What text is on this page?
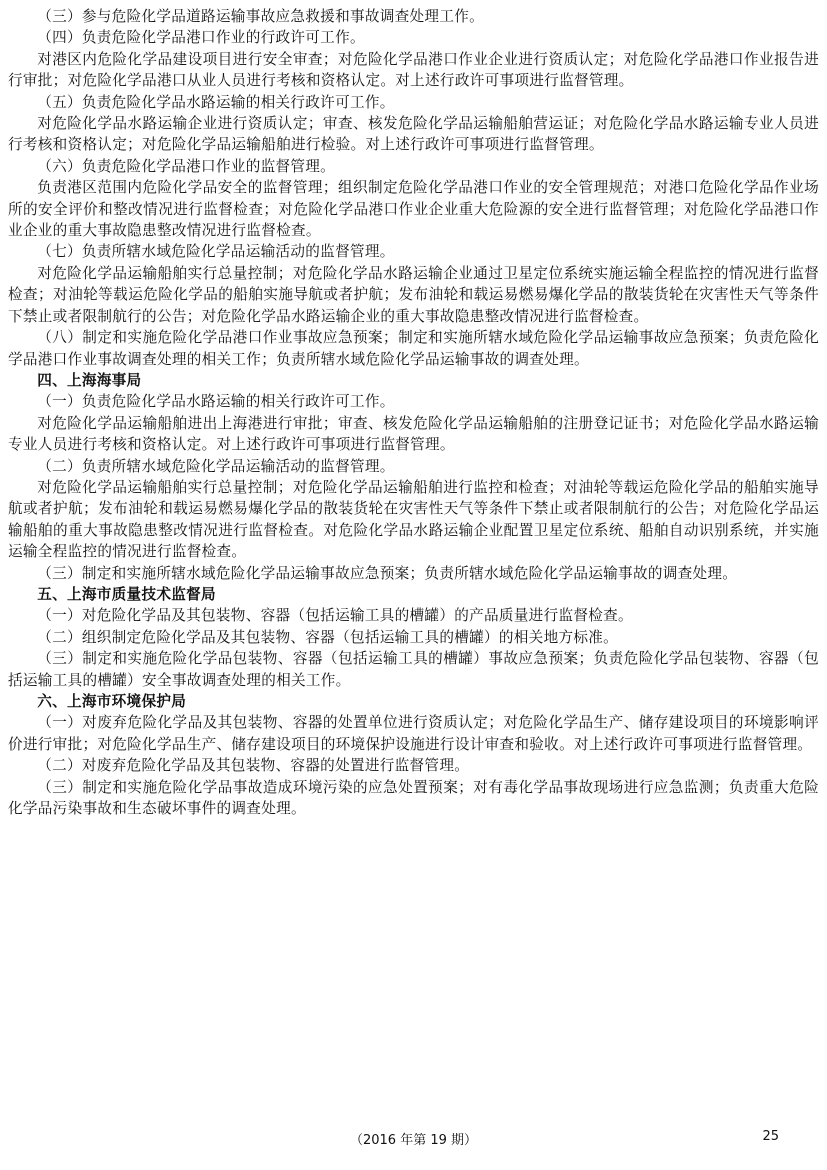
（三）参与危险化学品道路运输事故应急救援和事故调查处理工作。

（四）负责危险化学品港口作业的行政许可工作。

对港区内危险化学品建设项目进行安全审查；对危险化学品港口作业企业进行资质认定；对危险化学品港口作业报告进行审批；对危险化学品港口从业人员进行考核和资格认定。对上述行政许可事项进行监督管理。

（五）负责危险化学品水路运输的相关行政许可工作。

对危险化学品水路运输企业进行资质认定；审查、核发危险化学品运输船舶营运证；对危险化学品水路运输专业人员进行考核和资格认定；对危险化学品运输船舶进行检验。对上述行政许可事项进行监督管理。

（六）负责危险化学品港口作业的监督管理。

负责港区范围内危险化学品安全的监督管理；组织制定危险化学品港口作业的安全管理规范；对港口危险化学品作业场所的安全评价和整改情况进行监督检查；对危险化学品港口作业企业重大危险源的安全进行监督管理；对危险化学品港口作业企业的重大事故隐患整改情况进行监督检查。

（七）负责所辖水域危险化学品运输活动的监督管理。

对危险化学品运输船舶实行总量控制；对危险化学品水路运输企业通过卫星定位系统实施运输全程监控的情况进行监督检查；对油轮等载运危险化学品的船舶实施导航或者护航；发布油轮和载运易燃易爆化学品的散装货轮在灾害性天气等条件下禁止或者限制航行的公告；对危险化学品水路运输企业的重大事故隐患整改情况进行监督检查。

（八）制定和实施危险化学品港口作业事故应急预案；制定和实施所辖水域危险化学品运输事故应急预案；负责危险化学品港口作业事故调查处理的相关工作；负责所辖水域危险化学品运输事故的调查处理。

四、上海海事局

（一）负责危险化学品水路运输的相关行政许可工作。

对危险化学品运输船舶进出上海港进行审批；审查、核发危险化学品运输船舶的注册登记证书；对危险化学品水路运输专业人员进行考核和资格认定。对上述行政许可事项进行监督管理。

（二）负责所辖水域危险化学品运输活动的监督管理。

对危险化学品运输船舶实行总量控制；对危险化学品运输船舶进行监控和检查；对油轮等载运危险化学品的船舶实施导航或者护航；发布油轮和载运易燃易爆化学品的散装货轮在灾害性天气等条件下禁止或者限制航行的公告；对危险化学品运输船舶的重大事故隐患整改情况进行监督检查。对危险化学品水路运输企业配置卫星定位系统、船舶自动识别系统，并实施运输全程监控的情况进行监督检查。

（三）制定和实施所辖水域危险化学品运输事故应急预案；负责所辖水域危险化学品运输事故的调查处理。

五、上海市质量技术监督局

（一）对危险化学品及其包装物、容器（包括运输工具的槽罐）的产品质量进行监督检查。

（二）组织制定危险化学品及其包装物、容器（包括运输工具的槽罐）的相关地方标准。

（三）制定和实施危险化学品包装物、容器（包括运输工具的槽罐）事故应急预案；负责危险化学品包装物、容器（包括运输工具的槽罐）安全事故调查处理的相关工作。

六、上海市环境保护局

（一）对废弃危险化学品及其包装物、容器的处置单位进行资质认定；对危险化学品生产、储存建设项目的环境影响评价进行审批；对危险化学品生产、储存建设项目的环境保护设施进行设计审查和验收。对上述行政许可事项进行监督管理。

（二）对废弃危险化学品及其包装物、容器的处置进行监督管理。

（三）制定和实施危险化学品事故造成环境污染的应急处置预案；对有毒化学品事故现场进行应急监测；负责重大危险化学品污染事故和生态破坏事件的调查处理。

（2016 年第 19 期）	25
